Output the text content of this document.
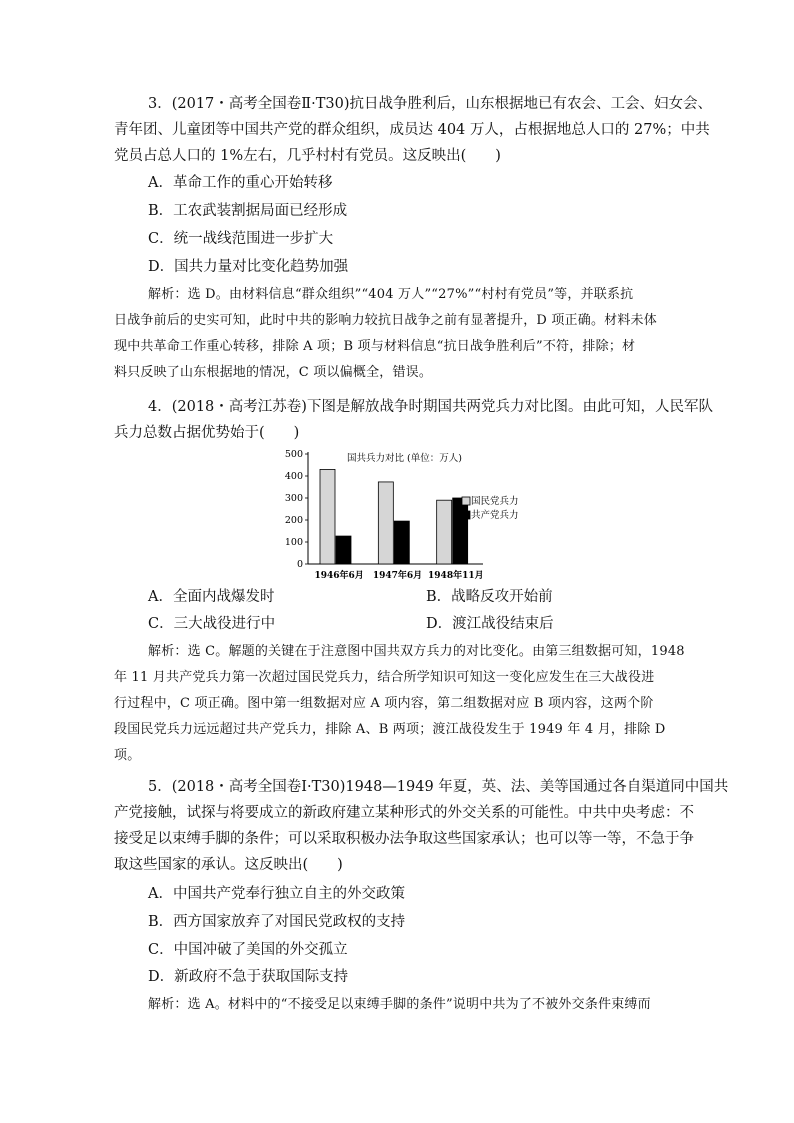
3．(2017・高考全国卷Ⅱ·T30)抗日战争胜利后，山东根据地已有农会、工会、妇女会、
青年团、儿童团等中国共产党的群众组织，成员达 404 万人，占根据地总人口的 27%；中共
党员占总人口的 1%左右，几乎村村有党员。这反映出(　　)
A．革命工作的重心开始转移
B．工农武装割据局面已经形成
C．统一战线范围进一步扩大
D．国共力量对比变化趋势加强
解析：选 D。由材料信息“群众组织”“404 万人”“27%”“村村有党员”等，并联系抗
日战争前后的史实可知，此时中共的影响力较抗日战争之前有显著提升，D 项正确。材料未体
现中共革命工作重心转移，排除 A 项；B 项与材料信息“抗日战争胜利后”不符，排除；材
料只反映了山东根据地的情况，C 项以偏概全，错误。
4．(2018・高考江苏卷)下图是解放战争时期国共两党兵力对比图。由此可知，人民军队
兵力总数占据优势始于(　　)
500
400
300
200
100
0
1946年6月 1947年6月 1948年11月
国共兵力对比 (单位：万人)
国民党兵力
共产党兵力
A．全面内战爆发时	B．战略反攻开始前
C．三大战役进行中	D．渡江战役结束后
解析：选 C。解题的关键在于注意图中国共双方兵力的对比变化。由第三组数据可知，1948
年 11 月共产党兵力第一次超过国民党兵力，结合所学知识可知这一变化应发生在三大战役进
行过程中，C 项正确。图中第一组数据对应 A 项内容，第二组数据对应 B 项内容，这两个阶
段国民党兵力远远超过共产党兵力，排除 A、B 两项；渡江战役发生于 1949 年 4 月，排除 D
项。
5．(2018・高考全国卷Ⅰ·T30)1948—1949 年夏，英、法、美等国通过各自渠道同中国共
产党接触，试探与将要成立的新政府建立某种形式的外交关系的可能性。中共中央考虑：不
接受足以束缚手脚的条件；可以采取积极办法争取这些国家承认；也可以等一等，不急于争
取这些国家的承认。这反映出(　　)
A．中国共产党奉行独立自主的外交政策
B．西方国家放弃了对国民党政权的支持
C．中国冲破了美国的外交孤立
D．新政府不急于获取国际支持
解析：选 A。材料中的“不接受足以束缚手脚的条件”说明中共为了不被外交条件束缚而
